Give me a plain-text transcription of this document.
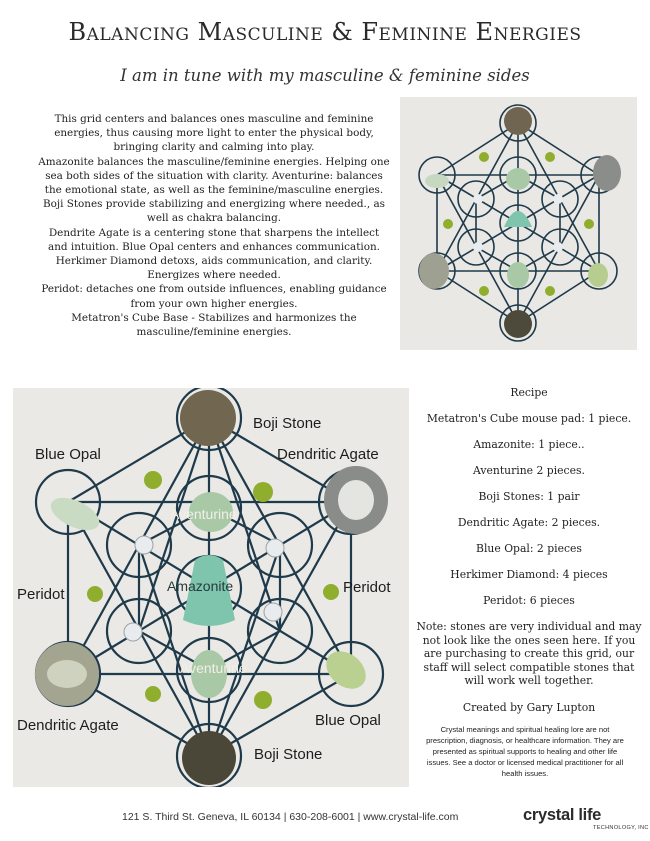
Balancing Masculine & Feminine Energies
I am in tune with my masculine & feminine sides

This grid centers and balances ones masculine and feminine energies, thus causing more light to enter the physical body, bringing clarity and calming into play.

Amazonite balances the masculine/feminine energies. Helping one sea both sides of the situation with clarity. Aventurine: balances the emotional state, as well as the feminine/masculine energies.

Boji Stones provide stabilizing and energizing where needed., as well as chakra balancing.

Dendrite Agate is a centering stone that sharpens the intellect and intuition. Blue Opal centers and enhances communication.

Herkimer Diamond detoxs, aids communication, and clarity. Energizes where needed.

Peridot: detaches one from outside influences, enabling guidance from your own higher energies.

Metatron's Cube Base - Stabilizes and harmonizes the masculine/feminine energies.

Boji Stone
Blue Opal	Dendritic Agate
Aventurine
Amazonite
Peridot	Peridot
Aventurine
Dendritic Agate	Blue Opal
Boji Stone

Recipe

Metatron's Cube mouse pad: 1 piece.

Amazonite: 1 piece..

Aventurine 2 pieces.

Boji Stones: 1 pair

Dendritic Agate: 2 pieces.

Blue Opal: 2 pieces

Herkimer Diamond: 4 pieces

Peridot: 6 pieces

Note: stones are very individual and may not look like the ones seen here. If you are purchasing to create this grid, our staff will select compatible stones that will work well together.

Created by Gary Lupton

Crystal meanings and spiritual healing lore are not prescription, diagnosis, or healthcare information. They are presented as spiritual supports to healing and other life issues. See a doctor or licensed medical practitioner for all health issues.
121 S. Third St. Geneva, IL 60134 | 630-208-6001 | www.crystal-life.com	crystal life
TECHNOLOGY, INC
